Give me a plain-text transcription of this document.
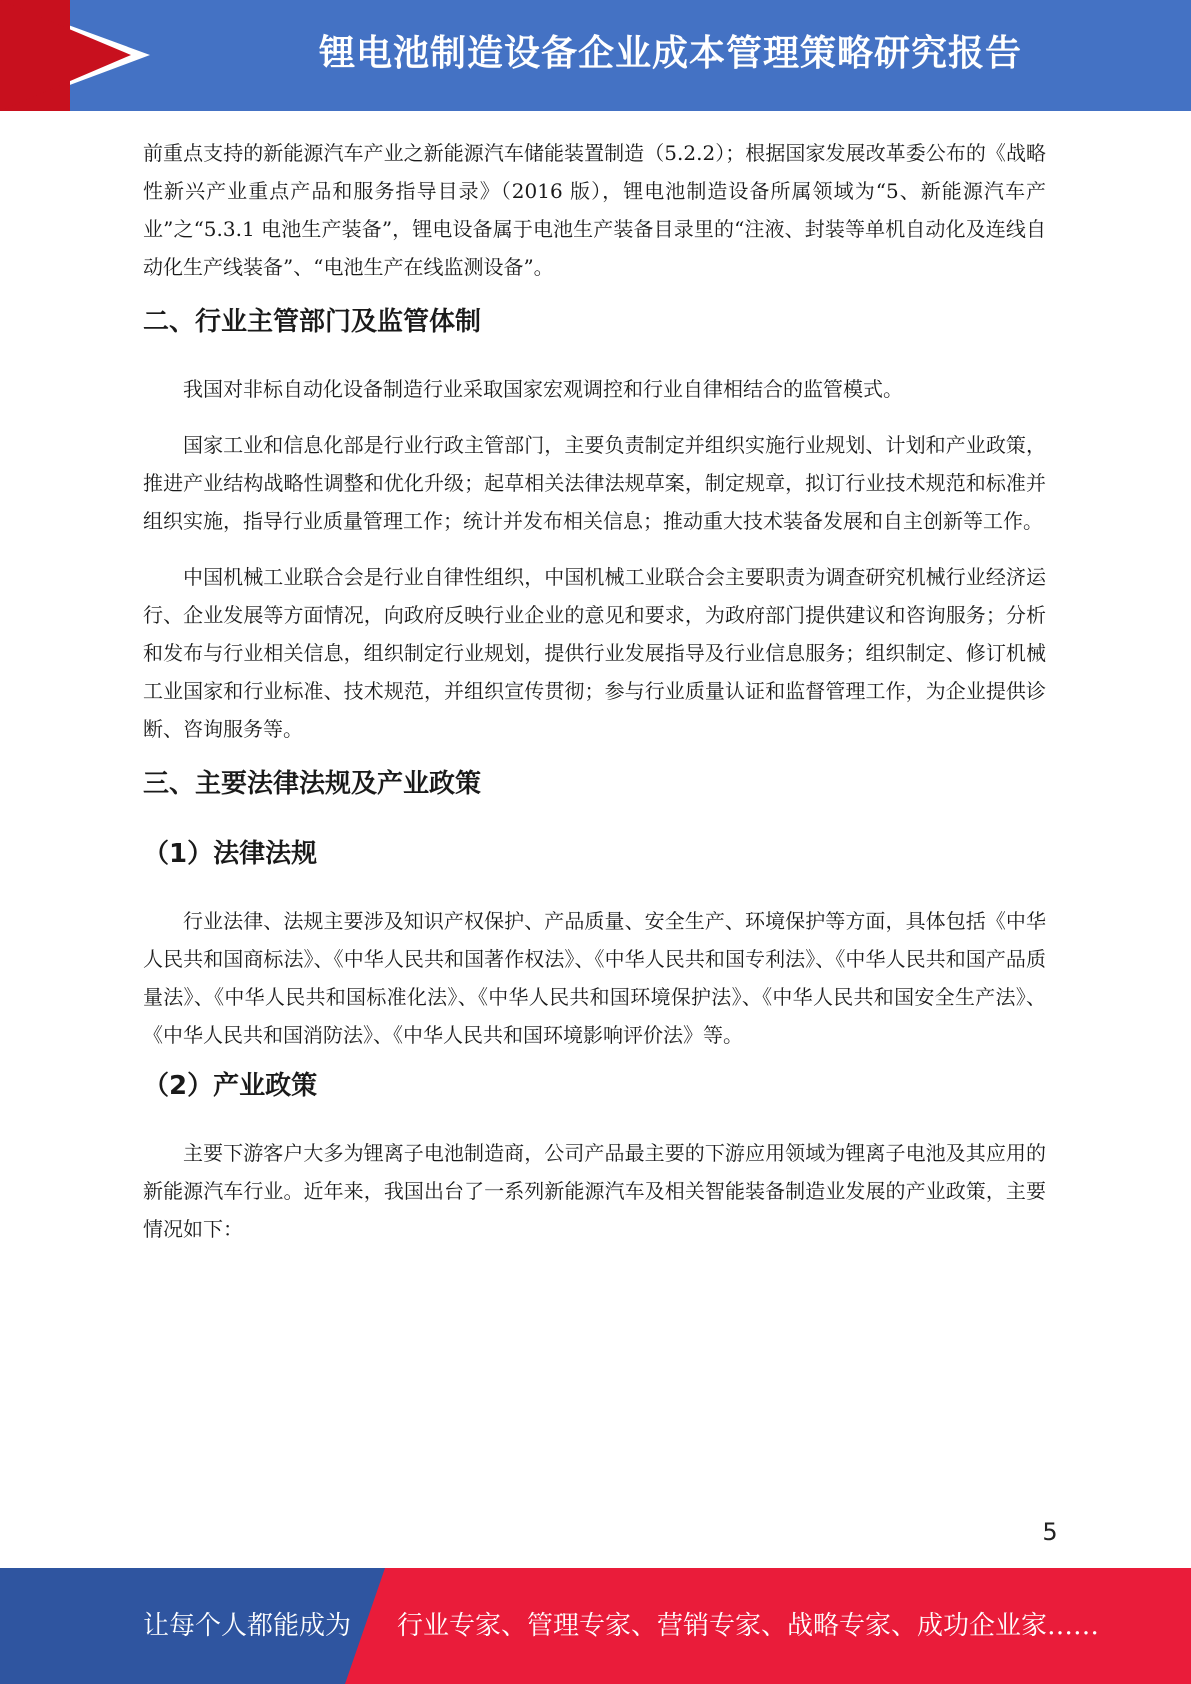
锂电池制造设备企业成本管理策略研究报告

前重点支持的新能源汽车产业之新能源汽车储能装置制造（5.2.2）；根据国家发展改革委公布的《战略性新兴产业重点产品和服务指导目录》（2016 版），锂电池制造设备所属领域为“5、新能源汽车产业”之“5.3.1 电池生产装备”，锂电设备属于电池生产装备目录里的“注液、封装等单机自动化及连线自动化生产线装备”、“电池生产在线监测设备”。

二、行业主管部门及监管体制

我国对非标自动化设备制造行业采取国家宏观调控和行业自律相结合的监管模式。

国家工业和信息化部是行业行政主管部门，主要负责制定并组织实施行业规划、计划和产业政策，推进产业结构战略性调整和优化升级；起草相关法律法规草案，制定规章，拟订行业技术规范和标准并组织实施，指导行业质量管理工作；统计并发布相关信息；推动重大技术装备发展和自主创新等工作。

中国机械工业联合会是行业自律性组织，中国机械工业联合会主要职责为调查研究机械行业经济运行、企业发展等方面情况，向政府反映行业企业的意见和要求，为政府部门提供建议和咨询服务；分析和发布与行业相关信息，组织制定行业规划，提供行业发展指导及行业信息服务；组织制定、修订机械工业国家和行业标准、技术规范，并组织宣传贯彻；参与行业质量认证和监督管理工作，为企业提供诊断、咨询服务等。

三、主要法律法规及产业政策
（1）法律法规

行业法律、法规主要涉及知识产权保护、产品质量、安全生产、环境保护等方面，具体包括《中华人民共和国商标法》、《中华人民共和国著作权法》、《中华人民共和国专利法》、《中华人民共和国产品质量法》、《中华人民共和国标准化法》、《中华人民共和国环境保护法》、《中华人民共和国安全生产法》、《中华人民共和国消防法》、《中华人民共和国环境影响评价法》等。

（2）产业政策

主要下游客户大多为锂离子电池制造商，公司产品最主要的下游应用领域为锂离子电池及其应用的新能源汽车行业。近年来，我国出台了一系列新能源汽车及相关智能装备制造业发展的产业政策，主要情况如下：

5
让每个人都能成为 行业专家、管理专家、营销专家、战略专家、成功企业家……
